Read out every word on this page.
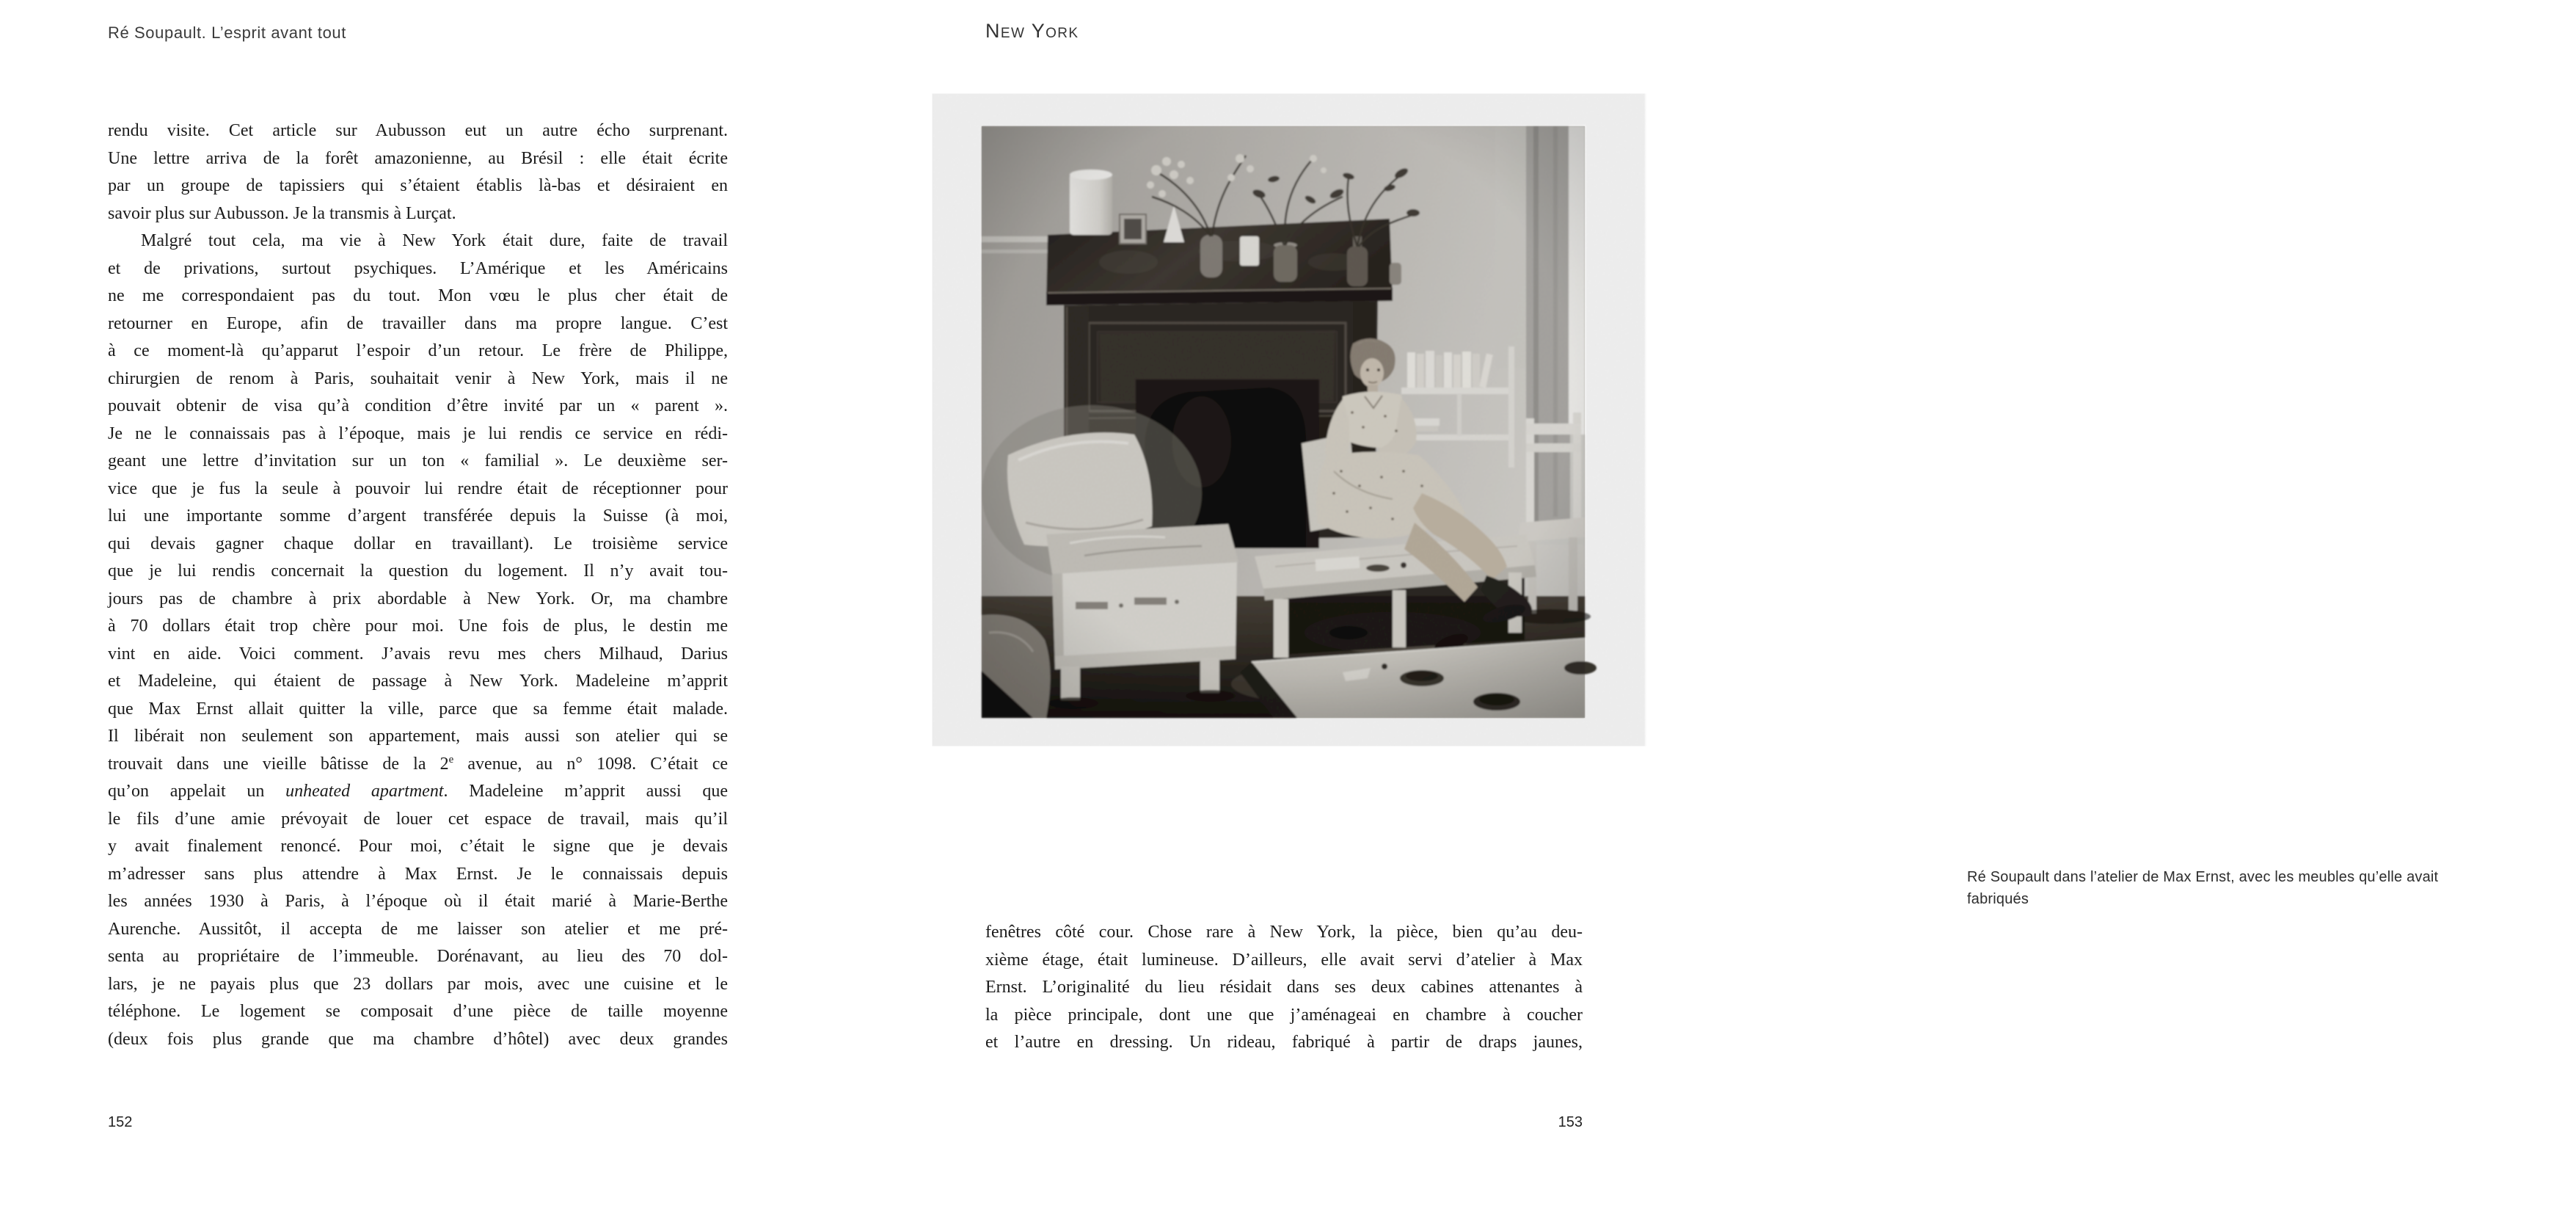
Ré Soupault. L’esprit avant tout
rendu visite. Cet article sur Aubusson eut un autre écho surprenant.
Une lettre arriva de la forêt amazonienne, au Brésil : elle était écrite
par un groupe de tapissiers qui s’étaient établis là-bas et désiraient en
savoir plus sur Aubusson. Je la transmis à Lurçat.
Malgré tout cela, ma vie à New York était dure, faite de travail
et de privations, surtout psychiques. L’Amérique et les Américains
ne me correspondaient pas du tout. Mon vœu le plus cher était de
retourner en Europe, afin de travailler dans ma propre langue. C’est
à ce moment-là qu’apparut l’espoir d’un retour. Le frère de Philippe,
chirurgien de renom à Paris, souhaitait venir à New York, mais il ne
pouvait obtenir de visa qu’à condition d’être invité par un « parent ».
Je ne le connaissais pas à l’époque, mais je lui rendis ce service en rédi-
geant une lettre d’invitation sur un ton « familial ». Le deuxième ser-
vice que je fus la seule à pouvoir lui rendre était de réceptionner pour
lui une importante somme d’argent transférée depuis la Suisse (à moi,
qui devais gagner chaque dollar en travaillant). Le troisième service
que je lui rendis concernait la question du logement. Il n’y avait tou-
jours pas de chambre à prix abordable à New York. Or, ma chambre
à 70 dollars était trop chère pour moi. Une fois de plus, le destin me
vint en aide. Voici comment. J’avais revu mes chers Milhaud, Darius
et Madeleine, qui étaient de passage à New York. Madeleine m’apprit
que Max Ernst allait quitter la ville, parce que sa femme était malade.
Il libérait non seulement son appartement, mais aussi son atelier qui se
trouvait dans une vieille bâtisse de la 2e avenue, au n° 1098. C’était ce
qu’on appelait un unheated apartment. Madeleine m’apprit aussi que
le fils d’une amie prévoyait de louer cet espace de travail, mais qu’il
y avait finalement renoncé. Pour moi, c’était le signe que je devais
m’adresser sans plus attendre à Max Ernst. Je le connaissais depuis
les années 1930 à Paris, à l’époque où il était marié à Marie-Berthe
Aurenche. Aussitôt, il accepta de me laisser son atelier et me pré-
senta au propriétaire de l’immeuble. Dorénavant, au lieu des 70 dol-
lars, je ne payais plus que 23 dollars par mois, avec une cuisine et le
téléphone. Le logement se composait d’une pièce de taille moyenne
(deux fois plus grande que ma chambre d’hôtel) avec deux grandes
152
New York
Ré Soupault dans l’atelier de Max Ernst, avec les meubles qu’elle avait
fabriqués
fenêtres côté cour. Chose rare à New York, la pièce, bien qu’au deu-
xième étage, était lumineuse. D’ailleurs, elle avait servi d’atelier à Max
Ernst. L’originalité du lieu résidait dans ses deux cabines attenantes à
la pièce principale, dont une que j’aménageai en chambre à coucher
et l’autre en dressing. Un rideau, fabriqué à partir de draps jaunes,
153
